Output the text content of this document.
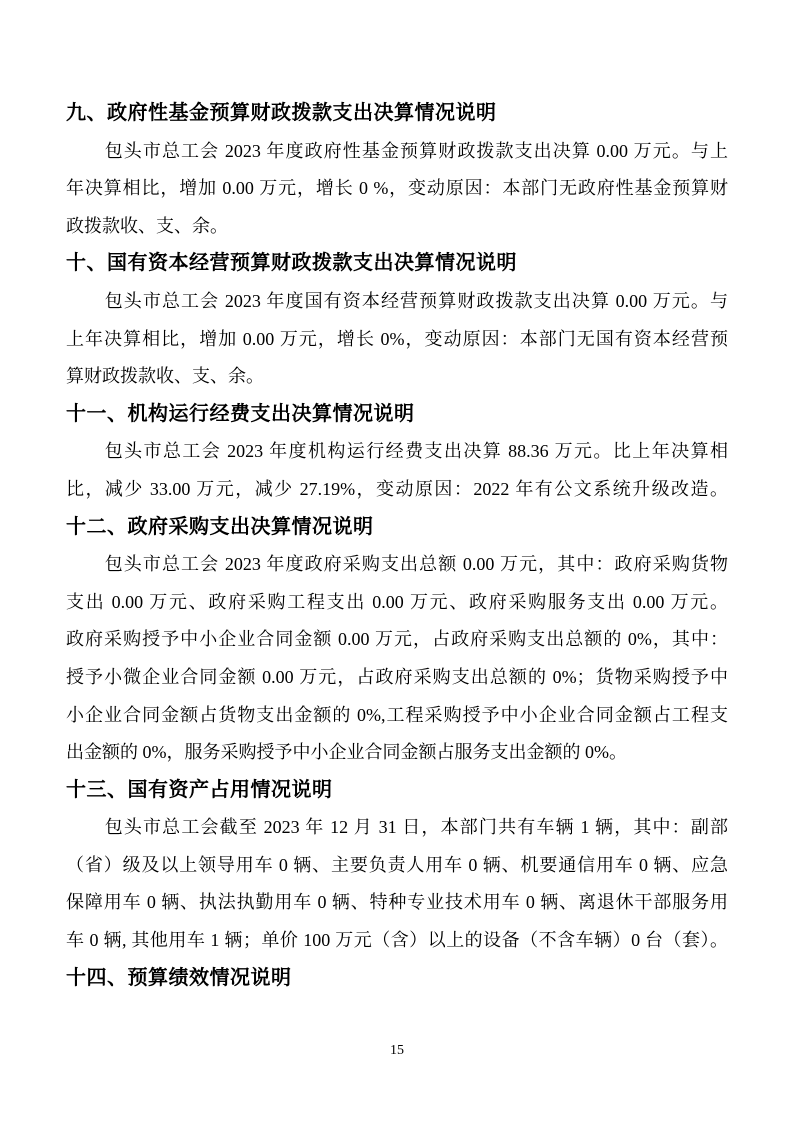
九、政府性基金预算财政拨款支出决算情况说明

包头市总工会 2023 年度政府性基金预算财政拨款支出决算 0.00 万元。与上

年决算相比，增加 0.00 万元，增长 0 %，变动原因：本部门无政府性基金预算财

政拨款收、支、余。

十、国有资本经营预算财政拨款支出决算情况说明

包头市总工会 2023 年度国有资本经营预算财政拨款支出决算 0.00 万元。与

上年决算相比，增加 0.00 万元，增长 0%，变动原因：本部门无国有资本经营预

算财政拨款收、支、余。

十一、机构运行经费支出决算情况说明

包头市总工会 2023 年度机构运行经费支出决算 88.36 万元。比上年决算相

比，减少 33.00 万元，减少 27.19%，变动原因：2022 年有公文系统升级改造。

十二、政府采购支出决算情况说明

包头市总工会 2023 年度政府采购支出总额 0.00 万元，其中：政府采购货物

支出 0.00 万元、政府采购工程支出 0.00 万元、政府采购服务支出 0.00 万元。

政府采购授予中小企业合同金额 0.00 万元，占政府采购支出总额的 0%，其中：

授予小微企业合同金额 0.00 万元，占政府采购支出总额的 0%；货物采购授予中

小企业合同金额占货物支出金额的 0%,工程采购授予中小企业合同金额占工程支

出金额的 0%，服务采购授予中小企业合同金额占服务支出金额的 0%。

十三、国有资产占用情况说明

包头市总工会截至 2023 年 12 月 31 日，本部门共有车辆 1 辆，其中：副部

（省）级及以上领导用车 0 辆、主要负责人用车 0 辆、机要通信用车 0 辆、应急

保障用车 0 辆、执法执勤用车 0 辆、特种专业技术用车 0 辆、离退休干部服务用

车 0 辆, 其他用车 1 辆；单价 100 万元（含）以上的设备（不含车辆）0 台（套）。

十四、预算绩效情况说明
15
